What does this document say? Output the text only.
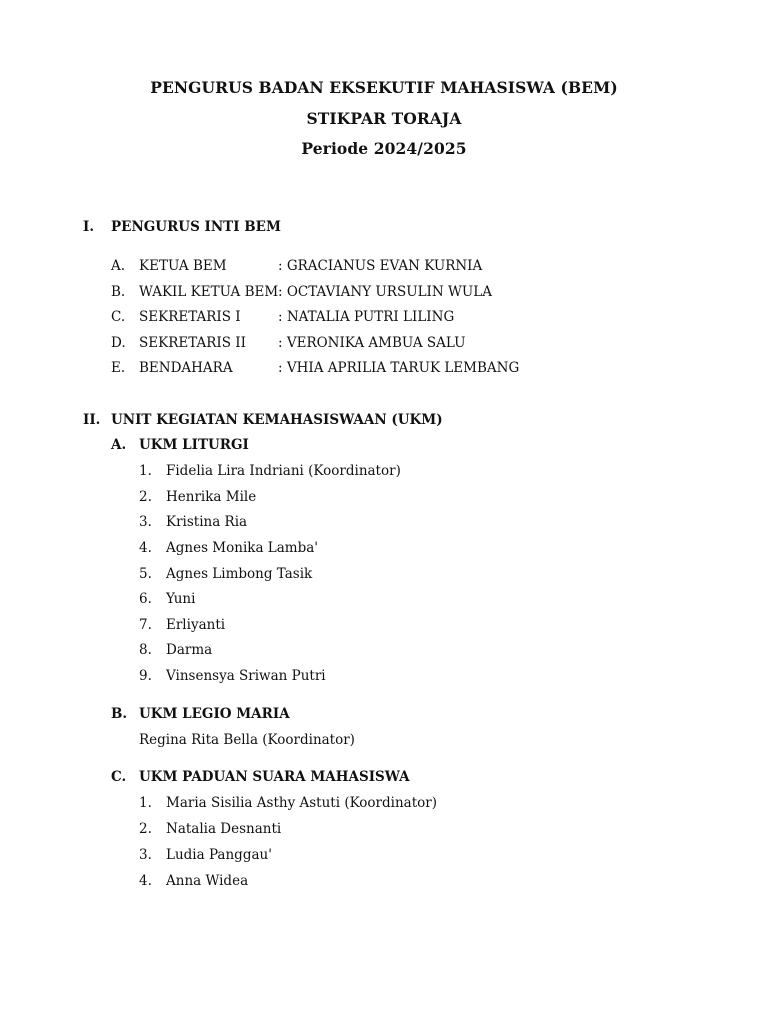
PENGURUS BADAN EKSEKUTIF MAHASISWA (BEM)
STIKPAR TORAJA
Periode 2024/2025
I. PENGURUS INTI BEM
A. KETUA BEM	: GRACIANUS EVAN KURNIA
B. WAKIL KETUA BEM : OCTAVIANY URSULIN WULA
C. SEKRETARIS I	: NATALIA PUTRI LILING
D. SEKRETARIS II : VERONIKA AMBUA SALU
E. BENDAHARA	: VHIA APRILIA TARUK LEMBANG
II. UNIT KEGIATAN KEMAHASISWAAN (UKM)
A. UKM LITURGI
1. Fidelia Lira Indriani (Koordinator)
2. Henrika Mile
3. Kristina Ria
4. Agnes Monika Lamba'
5. Agnes Limbong Tasik
6. Yuni
7. Erliyanti
8. Darma
9. Vinsensya Sriwan Putri
B. UKM LEGIO MARIA
Regina Rita Bella (Koordinator)
C. UKM PADUAN SUARA MAHASISWA
1. Maria Sisilia Asthy Astuti (Koordinator)
2. Natalia Desnanti
3. Ludia Panggau'
4. Anna Widea
